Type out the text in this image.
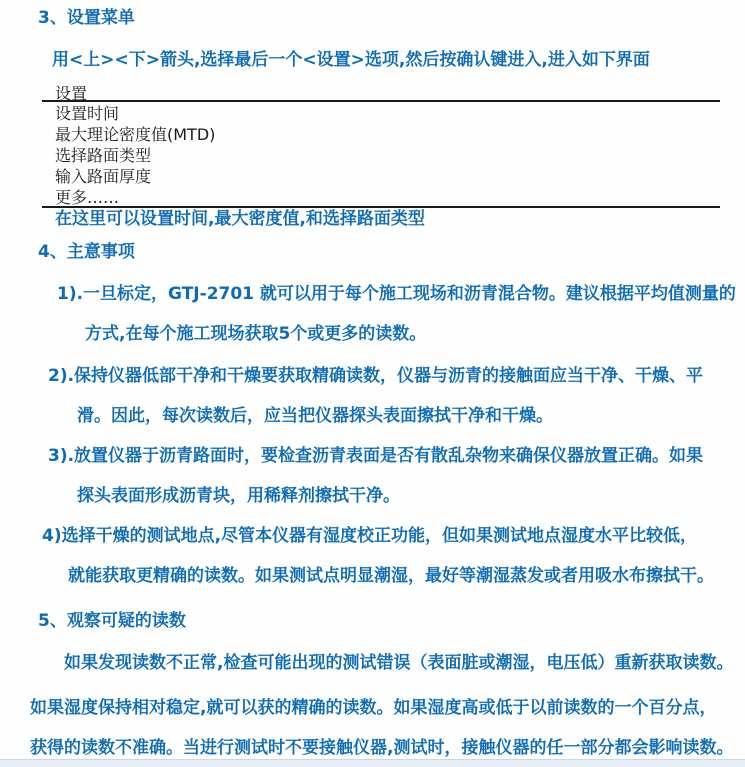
3、设置菜单
用<上><下>箭头,选择最后一个<设置>选项,然后按确认键进入,进入如下界面
设置
设置时间
最大理论密度值(MTD)
选择路面类型
输入路面厚度
更多……
在这里可以设置时间,最大密度值,和选择路面类型
4、主意事项
1).一旦标定，GTJ-2701 就可以用于每个施工现场和沥青混合物。建议根据平均值测量的
方式,在每个施工现场获取5个或更多的读数。
2).保持仪器低部干净和干燥要获取精确读数，仪器与沥青的接触面应当干净、干燥、平
滑。因此，每次读数后，应当把仪器探头表面擦拭干净和干燥。
3).放置仪器于沥青路面时，要检查沥青表面是否有散乱杂物来确保仪器放置正确。如果
探头表面形成沥青块，用稀释剂擦拭干净。
4)选择干燥的测试地点,尽管本仪器有湿度校正功能，但如果测试地点湿度水平比较低，
就能获取更精确的读数。如果测试点明显潮湿，最好等潮湿蒸发或者用吸水布擦拭干。
5、观察可疑的读数
如果发现读数不正常,检查可能出现的测试错误（表面脏或潮湿，电压低）重新获取读数。
如果湿度保持相对稳定,就可以获的精确的读数。如果湿度高或低于以前读数的一个百分点，
获得的读数不准确。当进行测试时不要接触仪器,测试时，接触仪器的任一部分都会影响读数。
